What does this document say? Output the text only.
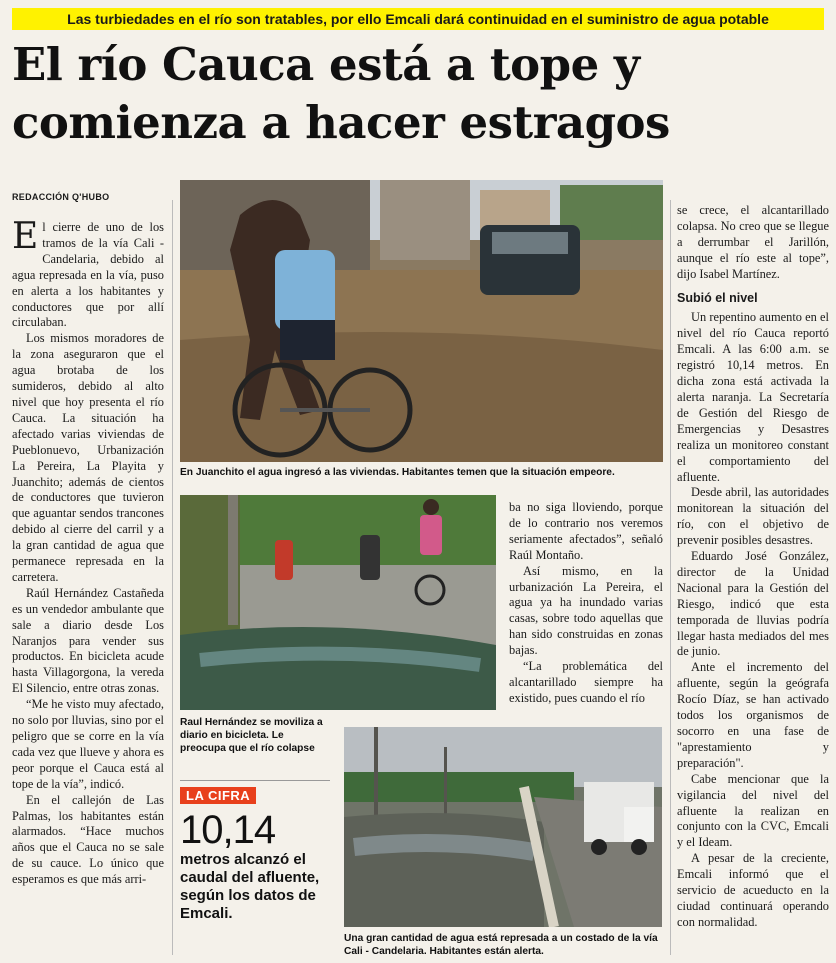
Las turbiedades en el río son tratables, por ello Emcali dará continuidad en el suministro de agua potable
El río Cauca está a tope y comienza a hacer estragos
REDACCIÓN Q'HUBO

El cierre de uno de los tramos de la vía Cali - Candelaria, debido al agua represada en la vía, puso en alerta a los habitantes y conductores que por allí circulaban.

Los mismos moradores de la zona aseguraron que el agua brotaba de los sumideros, debido al alto nivel que hoy presenta el río Cauca. La situación ha afectado varias viviendas de Pueblonuevo, Urbanización La Pereira, La Playita y Juanchito; además de cientos de conductores que tuvieron que aguantar sendos trancones debido al cierre del carril y a la gran cantidad de agua que permanece represada en la carretera.

Raúl Hernández Castañeda es un vendedor ambulante que sale a diario desde Los Naranjos para vender sus productos. En bicicleta acude hasta Villagorgona, la vereda El Silencio, entre otras zonas.

“Me he visto muy afectado, no solo por lluvias, sino por el peligro que se corre en la vía cada vez que llueve y ahora es peor porque el Cauca está al tope de la vía”, indicó.

En el callejón de Las Palmas, los habitantes están alarmados. “Hace muchos años que el Cauca no se sale de su cauce. Lo único que esperamos es que más arri-

En Juanchito el agua ingresó a las viviendas. Habitantes temen que la situación empeore.
Raul Hernández se moviliza a diario en bicicleta. Le preocupa que el río colapse

ba no siga lloviendo, porque de lo contrario nos veremos seriamente afectados”, señaló Raúl Montaño.

Así mismo, en la urbanización La Pereira, el agua ya ha inundado varias casas, sobre todo aquellas que han sido construidas en zonas bajas.

“La problemática del alcantarillado siempre ha existido, pues cuando el río

Una gran cantidad de agua está represada a un costado de la vía Cali - Candelaria. Habitantes están alerta.
LA CIFRA
10,14
metros alcanzó el caudal del afluente, según los datos de Emcali.

se crece, el alcantarillado colapsa. No creo que se llegue a derrumbar el Jarillón, aunque el río este al tope”, dijo Isabel Martínez.

Subió el nivel

Un repentino aumento en el nivel del río Cauca reportó Emcali. A las 6:00 a.m. se registró 10,14 metros. En dicha zona está activada la alerta naranja. La Secretaría de Gestión del Riesgo de Emergencias y Desastres realiza un monitoreo constant el comportamiento del afluente.

Desde abril, las autoridades monitorean la situación del río, con el objetivo de prevenir posibles desastres.

Eduardo José González, director de la Unidad Nacional para la Gestión del Riesgo, indicó que esta temporada de lluvias podría llegar hasta mediados del mes de junio.

Ante el incremento del afluente, según la geógrafa Rocío Díaz, se han activado todos los organismos de socorro en una fase de "aprestamiento y preparación".

Cabe mencionar que la vigilancia del nivel del afluente la realizan en conjunto con la CVC, Emcali y el Ideam.

A pesar de la creciente, Emcali informó que el servicio de acueducto en la ciudad continuará operando con normalidad.
